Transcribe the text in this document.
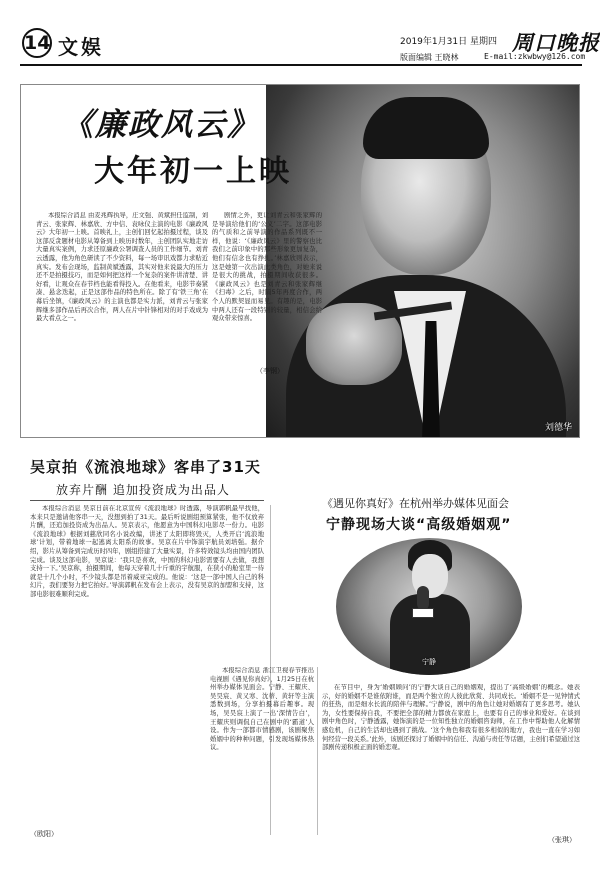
14 文娱	2019年1月31日 星期四 周口晚报
版面编辑 王晓林	E-mail:zkwbwy@126.com
刘德华
《廉政风云》
大年初一上映

本报综合消息 由麦兆辉执导，庄文强、黄斌担任监制，刘青云、张家辉、林嘉欣、方中信、袁咏仪主演的电影《廉政风云》大年初一上映。首映礼上，主创们回忆起拍摄过程，谈及这部反贪题材电影从筹备到上映历时数年，主创团队实地走访大量真实案例，力求还原廉政公署调查人员的工作细节。刘青云透露，他为角色研读了不少资料，每一场审讯戏都力求贴近真实。发布会现场，监制黄斌透露，其实对他来说最大的压力还不是拍摄技巧，而是如何把这样一个复杂的案件讲清楚、讲好看，让观众在春节档也能看得投入。在他看来，电影节奏紧凑、悬念迭起，正是这部作品的特色所在。除了有‘铁三角’在幕后坐镇，《廉政风云》的主演也都是实力派，刘青云与张家辉继多部作品后再次合作，两人在片中针锋相对的对手戏成为最大看点之一。

剧情之外，更让刘青云和张家辉的是导演给他们的‘公义’二字。这部电影的气质和之前导演的作品系列既不一样，他说：‘《廉政风云》里的警察也比我们之前印象中的那些形象更加复杂，他们有信念也有挣扎。’林嘉欣则表示，这是她第一次出演此类角色，对她来说是很大的挑战，拍摄期间收获很多。《廉政风云》也是刘青云和张家辉继《扫毒》之后，时隔5年再度合作，两个人的默契显而易见。有趣的是，电影中两人还有一段特别的较量，相信会给观众带来惊喜。

（李钢）
吴京拍《流浪地球》客串了31天
放弃片酬 追加投资成为出品人

本报综合消息 吴京日前在北京宣传《流浪地球》时透露，导演郭帆最早找他，本来只是邀请他客串一天，没想到拍了31天。最后听说剧组预算紧张，他不仅放弃片酬，还追加投资成为出品人。吴京表示，他愿意为中国科幻电影尽一份力。电影《流浪地球》根据刘慈欣同名小说改编，讲述了太阳即将毁灭，人类开启‘流浪地球’计划，带着地球一起逃离太阳系的故事。吴京在片中饰演宇航员刘培强。据介绍，影片从筹备到完成历时四年，剧组搭建了大量实景，许多特效镜头均由国内团队完成。谈及这部电影，吴京说：‘我只是喜欢，中国的科幻电影需要有人去做，我想支持一下。’吴京称，拍摄期间，他每天穿着几十斤重的宇航服，在狭小的舱室里一待就是十几个小时，不少镜头都是吊着威亚完成的。他说：‘这是一部中国人自己的科幻片，我们要努力把它拍好。’导演郭帆在发布会上表示，没有吴京的加盟和支持，这部电影很难顺利完成。

（欧阳）
《遇见你真好》在杭州举办媒体见面会
宁静现场大谈“高级婚姻观”
宁静

本报综合消息 浙江卫视春节推出电视剧《遇见你真好》，1月25日在杭州举办媒体见面会。宁静、王耀庆、吴昊宸、黄又寒、沈蒂、黄轩等主演悉数到场，分享拍摄幕后趣事。现场，吴昊宸上演了一出‘深情告白’，王耀庆则调侃自己在剧中的‘霸道’人设。作为一部都市情感剧，该剧聚焦婚姻中的种种问题，引发现场媒体热议。

在节目中，身为‘婚姻顾问’的宁静大谈自己的婚姻观，提出了‘高级婚姻’的概念。她表示，好的婚姻不是谁依附谁，而是两个独立的人彼此欣赏、共同成长。‘婚姻不是一见钟情式的狂热，而是细水长流的陪伴与理解。’宁静说，剧中的角色让她对婚姻有了更多思考。她认为，女性要保持自我，不要把全部的精力都放在家庭上，也要有自己的事业和爱好。在谈到剧中角色时，宁静透露，她饰演的是一位知性独立的婚姻咨询师，在工作中帮助他人化解情感危机，自己的生活却也遇到了挑战。‘这个角色和我有很多相似的地方，我也一直在学习如何经营一段关系。’此外，该剧还探讨了婚姻中的信任、沟通与责任等话题，主创们希望通过这部剧传递积极正面的婚恋观。

（张琪）
